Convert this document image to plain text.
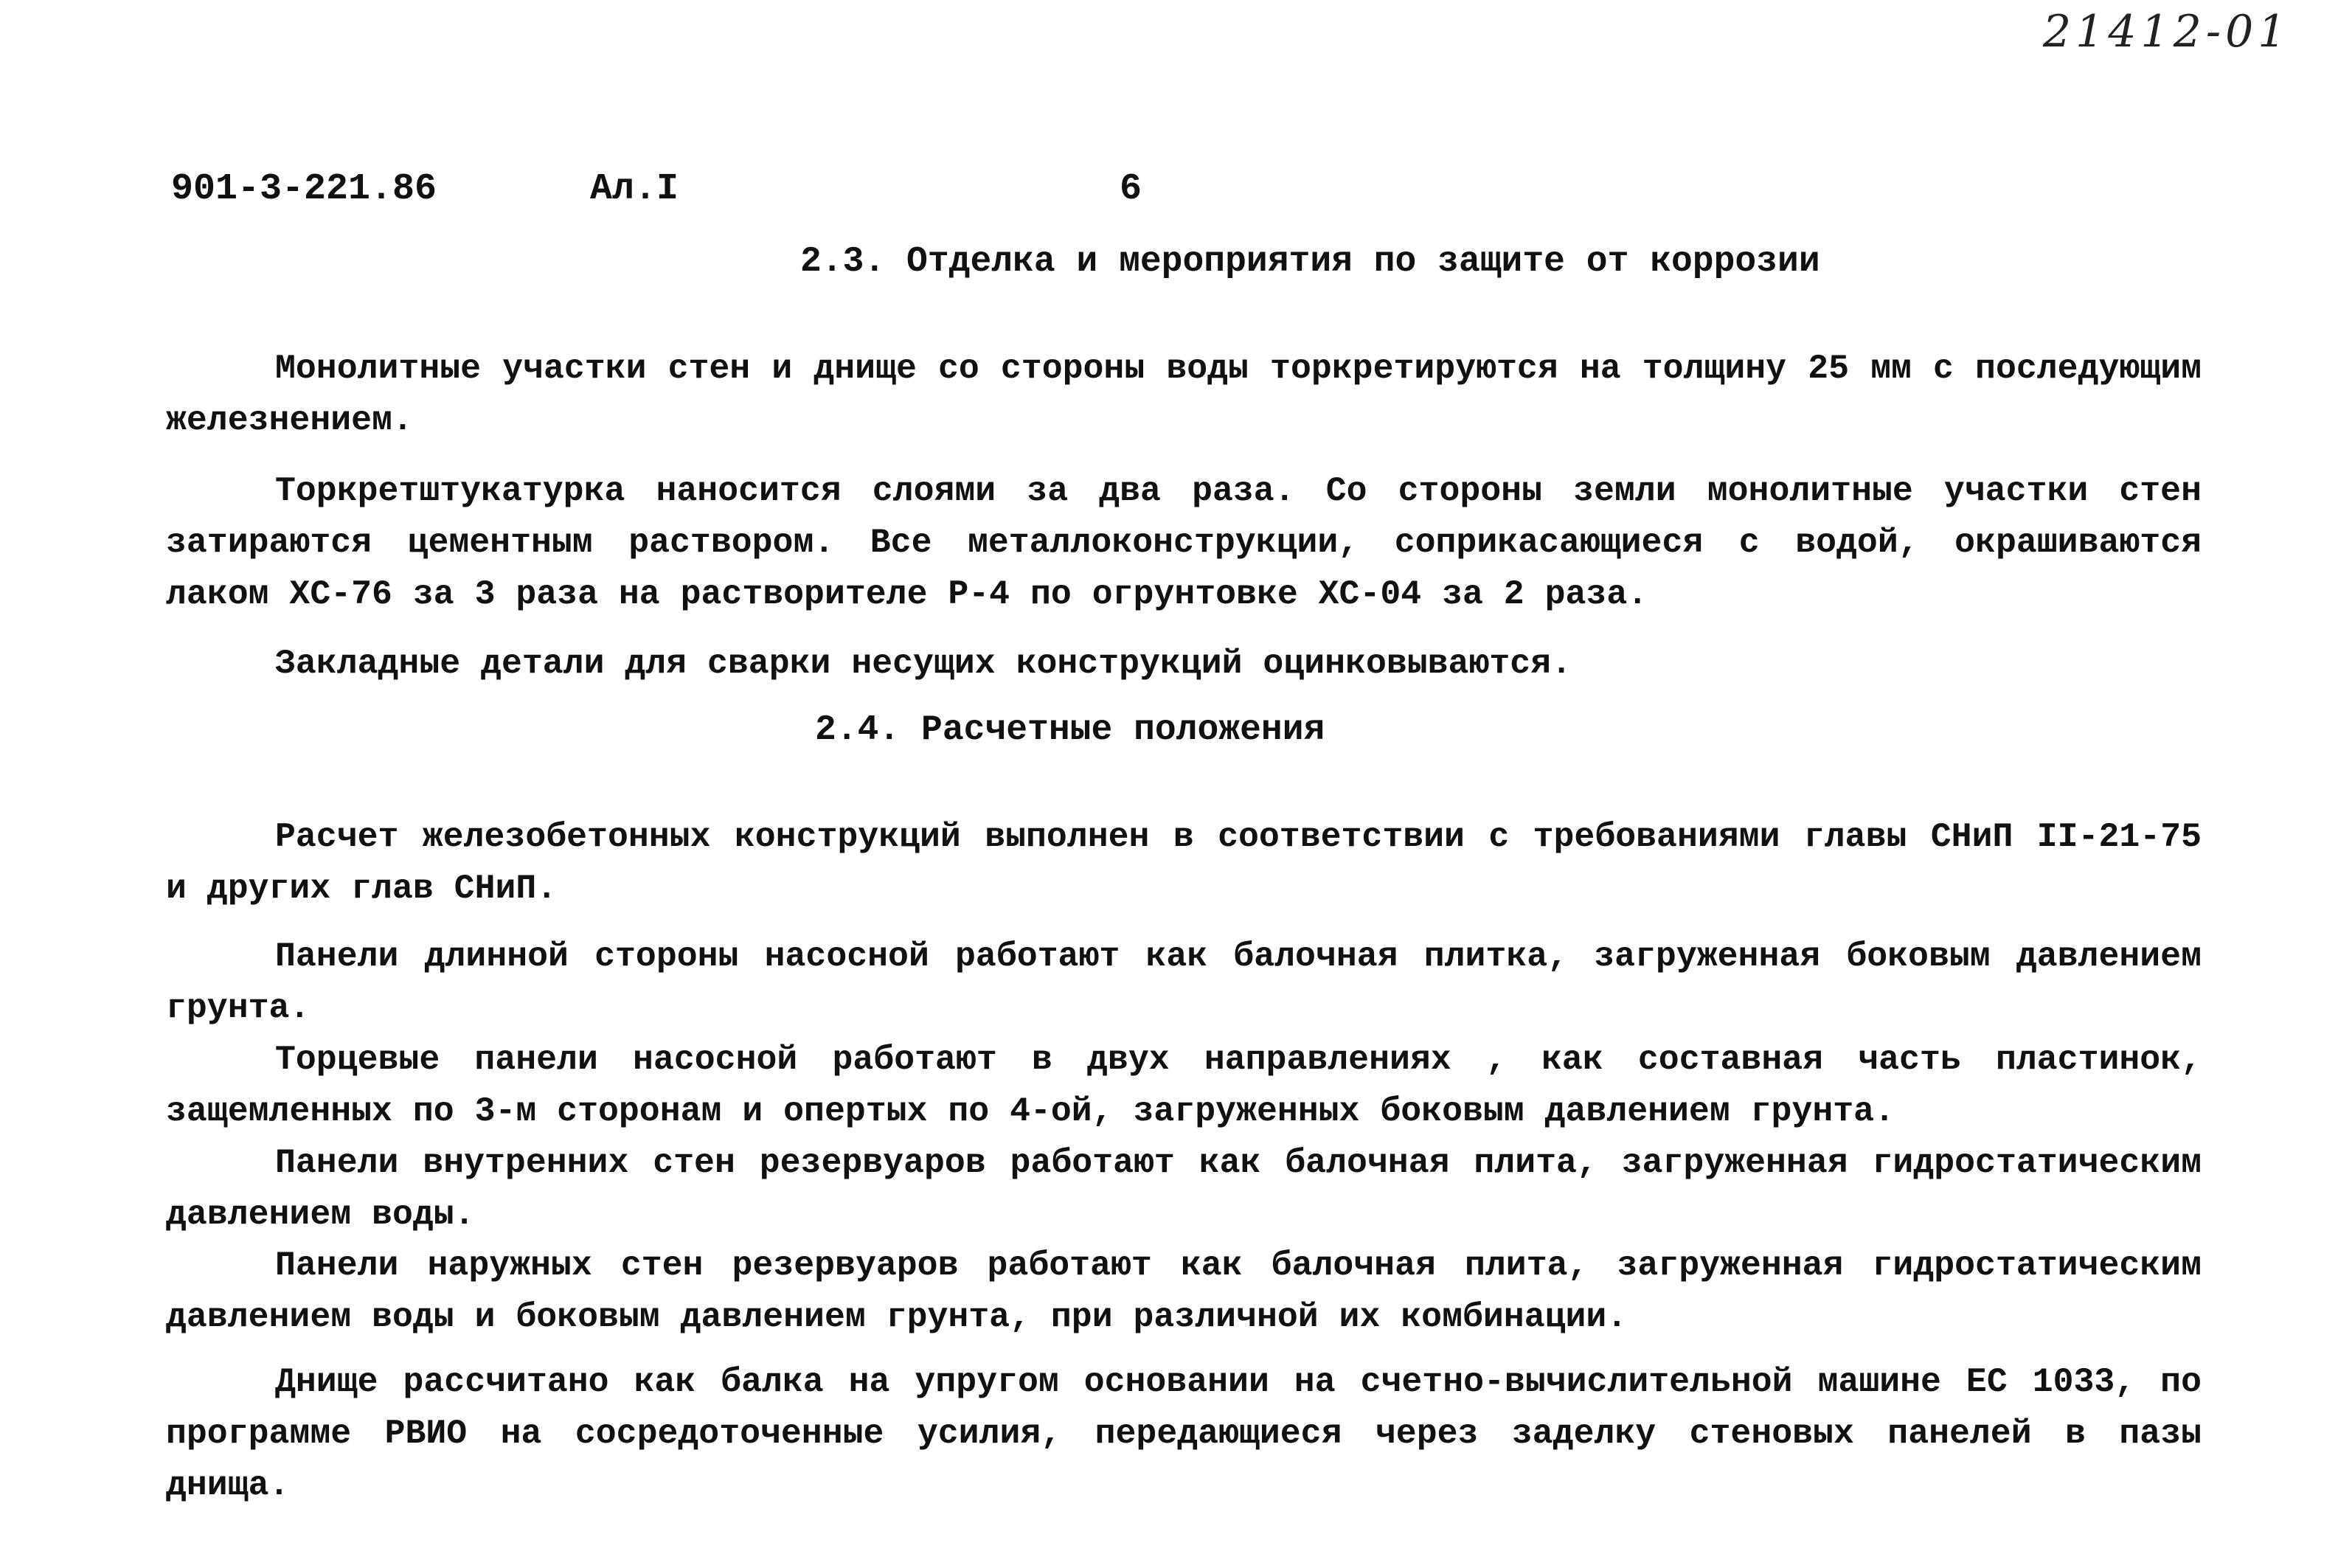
21412-01
901-3-221.86	Ал.I	6
2.3. Отделка и мероприятия по защите от коррозии

Монолитные участки стен и днище со стороны воды торкретируются на толщину 25 мм с последующим железнением.

Торкретштукатурка наносится слоями за два раза. Со стороны земли монолитные участки стен затираются цементным раствором. Все металлоконструкции, соприкасающиеся с водой, окрашиваются лаком ХС-76 за 3 раза на растворителе Р-4 по огрунтовке ХС-04 за 2 раза.

Закладные детали для сварки несущих конструкций оцинковываются.

2.4. Расчетные положения

Расчет железобетонных конструкций выполнен в соответствии с требованиями главы СНиП II-21-75 и других глав СНиП.

Панели длинной стороны насосной работают как балочная плитка, загруженная боковым давлением грунта.

Торцевые панели насосной работают в двух направлениях , как составная часть пластинок, защемленных по 3-м сторонам и опертых по 4-ой, загруженных боковым давлением грунта.

Панели внутренних стен резервуаров работают как балочная плита, загруженная гидростатическим давлением воды.

Панели наружных стен резервуаров работают как балочная плита, загруженная гидростатическим давлением воды и боковым давлением грунта, при различной их комбинации.

Днище рассчитано как балка на упругом основании на счетно-вычислительной машине ЕС 1033, по программе РВИО на сосредоточенные усилия, передающиеся через заделку стеновых панелей в пазы днища.
